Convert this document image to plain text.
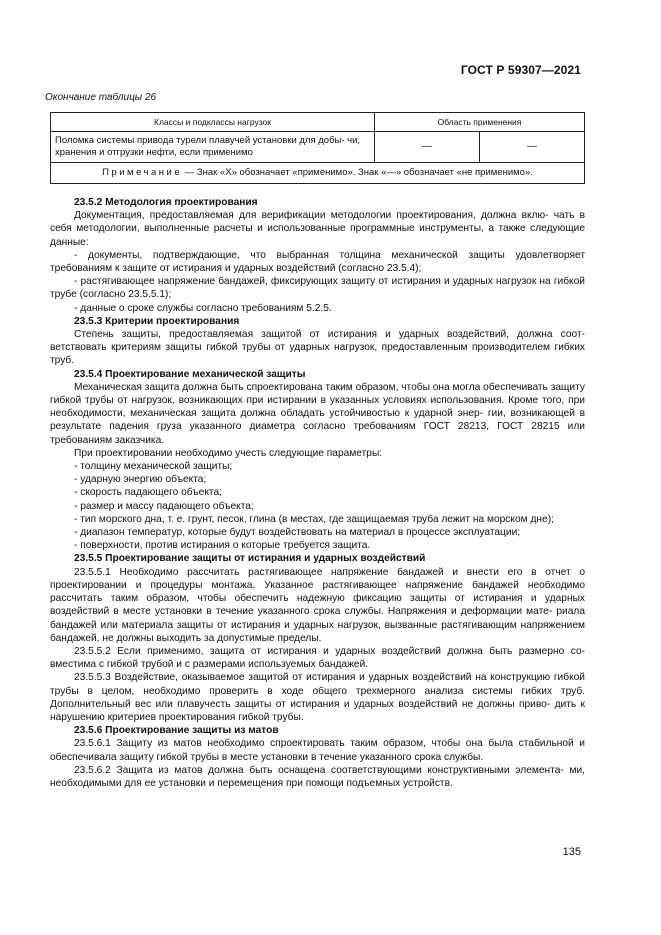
ГОСТ Р 59307—2021
Окончание таблицы 26
Классы и подклассы нагрузок	Область применения	
Поломка системы привода турели плавучей установки для добы- чи, хранения и отгрузки нефти, если применимо	—	—
Примечание — Знак «X» обозначает «применимо». Знак «—» обозначает «не применимо».		

23.5.2 Методология проектирования

Документация, предоставляемая для верификации методологии проектирования, должна вклю- чать в себя методологии, выполненные расчеты и использованные программные инструменты, а также следующие данные:

- документы, подтверждающие, что выбранная толщина механической защиты удовлетворяет требованиям к защите от истирания и ударных воздействий (согласно 23.5.4);

- растягивающее напряжение бандажей, фиксирующих защиту от истирания и ударных нагрузок на гибкой трубе (согласно 23.5.5.1);

- данные о сроке службы согласно требованиям 5.2.5.

23.5.3 Критерии проектирования

Степень защиты, предоставляемая защитой от истирания и ударных воздействий, должна соот- ветствовать критериям защиты гибкой трубы от ударных нагрузок, предоставленным производителем гибких труб.

23.5.4 Проектирование механической защиты

Механическая защита должна быть спроектирована таким образом, чтобы она могла обеспечивать защиту гибкой трубы от нагрузок, возникающих при истирании в указанных условиях использования. Кроме того, при необходимости, механическая защита должна обладать устойчивостью к ударной энер- гии, возникающей в результате падения груза указанного диаметра согласно требованиям ГОСТ 28213, ГОСТ 28215 или требованиям заказчика.

При проектировании необходимо учесть следующие параметры:

- толщину механической защиты;

- ударную энергию объекта;

- скорость падающего объекта;

- размер и массу падающего объекта;

- тип морского дна, т. е. грунт, песок, глина (в местах, где защищаемая труба лежит на морском дне);

- диапазон температур, которые будут воздействовать на материал в процессе эксплуатации;

- поверхности, против истирания о которые требуется защита.

23.5.5 Проектирование защиты от истирания и ударных воздействий

23.5.5.1 Необходимо рассчитать растягивающее напряжение бандажей и внести его в отчет о проектировании и процедуры монтажа. Указанное растягивающее напряжение бандажей необходимо рассчитать таким образом, чтобы обеспечить надежную фиксацию защиты от истирания и ударных воздействий в месте установки в течение указанного срока службы. Напряжения и деформации мате- риала бандажей или материала защиты от истирания и ударных нагрузок, вызванные растягивающим напряжением бандажей, не должны выходить за допустимые пределы.

23.5.5.2 Если применимо, защита от истирания и ударных воздействий должна быть размерно со- вместима с гибкой трубой и с размерами используемых бандажей.

23.5.5.3 Воздействие, оказываемое защитой от истирания и ударных воздействий на конструкцию гибкой трубы в целом, необходимо проверить в ходе общего трехмерного анализа системы гибких труб. Дополнительный вес или плавучесть защиты от истирания и ударных воздействий не должны приво- дить к нарушению критериев проектирования гибкой трубы.

23.5.6 Проектирование защиты из матов

23.5.6.1 Защиту из матов необходимо спроектировать таким образом, чтобы она была стабильной и обеспечивала защиту гибкой трубы в месте установки в течение указанного срока службы.

23.5.6.2 Защита из матов должна быть оснащена соответствующими конструктивными элемента- ми, необходимыми для ее установки и перемещения при помощи подъемных устройств.

135
